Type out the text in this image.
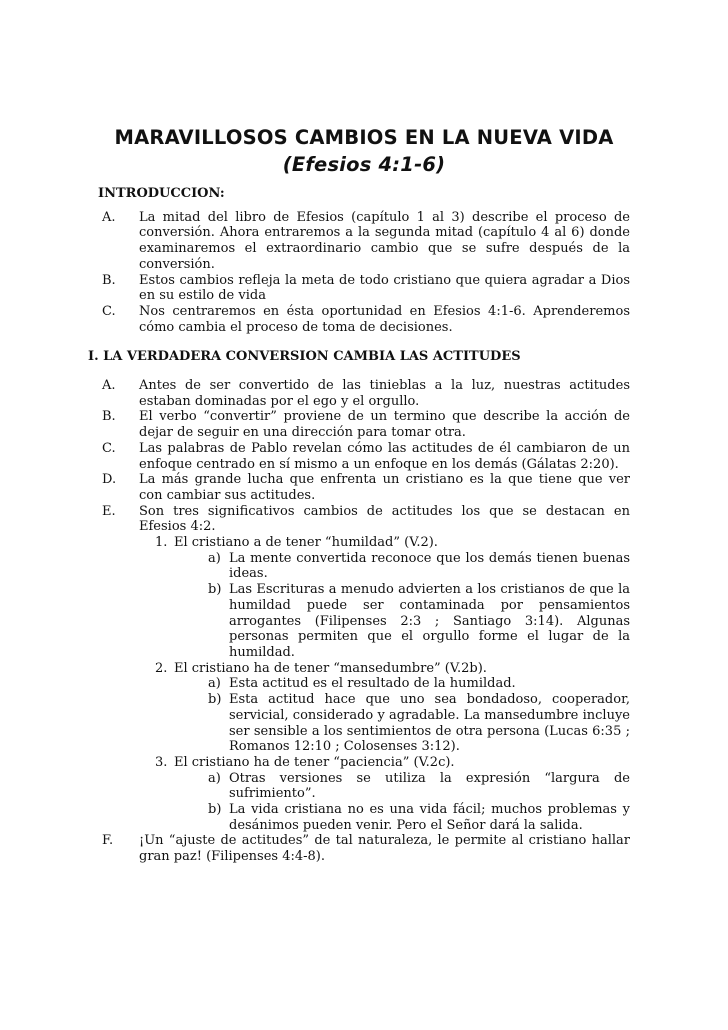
MARAVILLOSOS CAMBIOS EN LA NUEVA VIDA
(Efesios 4:1-6)

INTRODUCCION:

A.	La mitad del libro de Efesios (capítulo 1 al 3) describe el proceso de conversión. Ahora entraremos a la segunda mitad (capítulo 4 al 6) donde examinaremos el extraordinario cambio que se sufre después de la conversión.
B.	Estos cambios refleja la meta de todo cristiano que quiera agradar a Dios en su estilo de vida
C.	Nos centraremos en ésta oportunidad en Efesios 4:1-6. Aprenderemos cómo cambia el proceso de toma de decisiones.

I. LA VERDADERA CONVERSION CAMBIA LAS ACTITUDES

A.	Antes de ser convertido de las tinieblas a la luz, nuestras actitudes estaban dominadas por el ego y el orgullo.
B.	El verbo “convertir” proviene de un termino que describe la acción de dejar de seguir en una dirección para tomar otra.
C.	Las palabras de Pablo revelan cómo las actitudes de él cambiaron de un enfoque centrado en sí mismo a un enfoque en los demás (Gálatas 2:20).
D.	La más grande lucha que enfrenta un cristiano es la que tiene que ver con cambiar sus actitudes.
E.	Son tres significativos cambios de actitudes los que se destacan en Efesios 4:2.
1. El cristiano a de tener “humildad” (V.2).
a) La mente convertida reconoce que los demás tienen buenas ideas.
b) Las Escrituras a menudo advierten a los cristianos de que la humildad puede ser contaminada por pensamientos arrogantes (Filipenses 2:3 ; Santiago 3:14). Algunas personas permiten que el orgullo forme el lugar de la humildad.
2. El cristiano ha de tener “mansedumbre” (V.2b).
a) Esta actitud es el resultado de la humildad.
b) Esta actitud hace que uno sea bondadoso, cooperador, servicial, considerado y agradable. La mansedumbre incluye ser sensible a los sentimientos de otra persona (Lucas 6:35 ; Romanos 12:10 ; Colosenses 3:12).
3. El cristiano ha de tener “paciencia” (V.2c).
a) Otras versiones se utiliza la expresión “largura de sufrimiento”.
b) La vida cristiana no es una vida fácil; muchos problemas y desánimos pueden venir. Pero el Señor dará la salida.
F.	¡Un “ajuste de actitudes” de tal naturaleza, le permite al cristiano hallar gran paz! (Filipenses 4:4-8).
